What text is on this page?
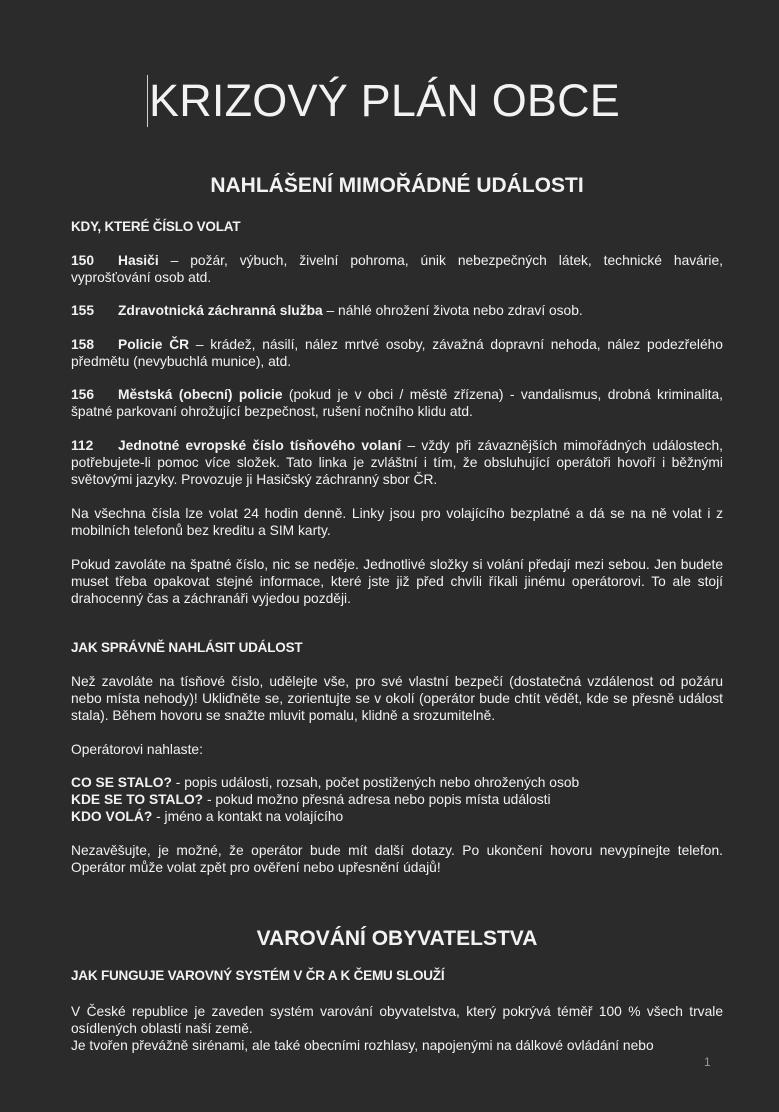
KRIZOVÝ PLÁN OBCE
NAHLÁŠENÍ MIMOŘÁDNÉ UDÁLOSTI
KDY, KTERÉ ČÍSLO VOLAT

150 Hasiči – požár, výbuch, živelní pohroma, únik nebezpečných látek, technické havárie, vyprošťování osob atd.

155 Zdravotnická záchranná služba – náhlé ohrožení života nebo zdraví osob.

158 Policie ČR – krádež, násilí, nález mrtvé osoby, závažná dopravní nehoda, nález podezřelého předmětu (nevybuchlá munice), atd.

156 Městská (obecní) policie (pokud je v obci / městě zřízena) - vandalismus, drobná kriminalita, špatné parkovaní ohrožující bezpečnost, rušení nočního klidu atd.

112 Jednotné evropské číslo tísňového volaní – vždy při závaznějších mimořádných událostech, potřebujete-li pomoc více složek. Tato linka je zvláštní i tím, že obsluhující operátoři hovoří i běžnými světovými jazyky. Provozuje ji Hasičský záchranný sbor ČR.

Na všechna čísla lze volat 24 hodin denně. Linky jsou pro volajícího bezplatné a dá se na ně volat i z mobilních telefonů bez kreditu a SIM karty.

Pokud zavoláte na špatné číslo, nic se neděje. Jednotlivé složky si volání předají mezi sebou. Jen budete muset třeba opakovat stejné informace, které jste již před chvíli říkali jinému operátorovi. To ale stojí drahocenný čas a záchranáři vyjedou později.

JAK SPRÁVNĚ NAHLÁSIT UDÁLOST

Než zavoláte na tísňové číslo, udělejte vše, pro své vlastní bezpečí (dostatečná vzdálenost od požáru nebo místa nehody)! Ukliďněte se, zorientujte se v okolí (operátor bude chtít vědět, kde se přesně událost stala). Během hovoru se snažte mluvit pomalu, klidně a srozumitelně.

Operátorovi nahlaste:

CO SE STALO? - popis události, rozsah, počet postižených nebo ohrožených osob
KDE SE TO STALO? - pokud možno přesná adresa nebo popis místa události
KDO VOLÁ? - jméno a kontakt na volajícího

Nezavěšujte, je možné, že operátor bude mít další dotazy. Po ukončení hovoru nevypínejte telefon. Operátor může volat zpět pro ověření nebo upřesnění údajů!

VAROVÁNÍ OBYVATELSTVA
JAK FUNGUJE VAROVNÝ SYSTÉM V ČR A K ČEMU SLOUŽÍ

V České republice je zaveden systém varování obyvatelstva, který pokrývá téměř 100 % všech trvale osídlených oblastí naší země.

Je tvořen převážně sirénami, ale také obecními rozhlasy, napojenými na dálkové ovládání nebo

1
